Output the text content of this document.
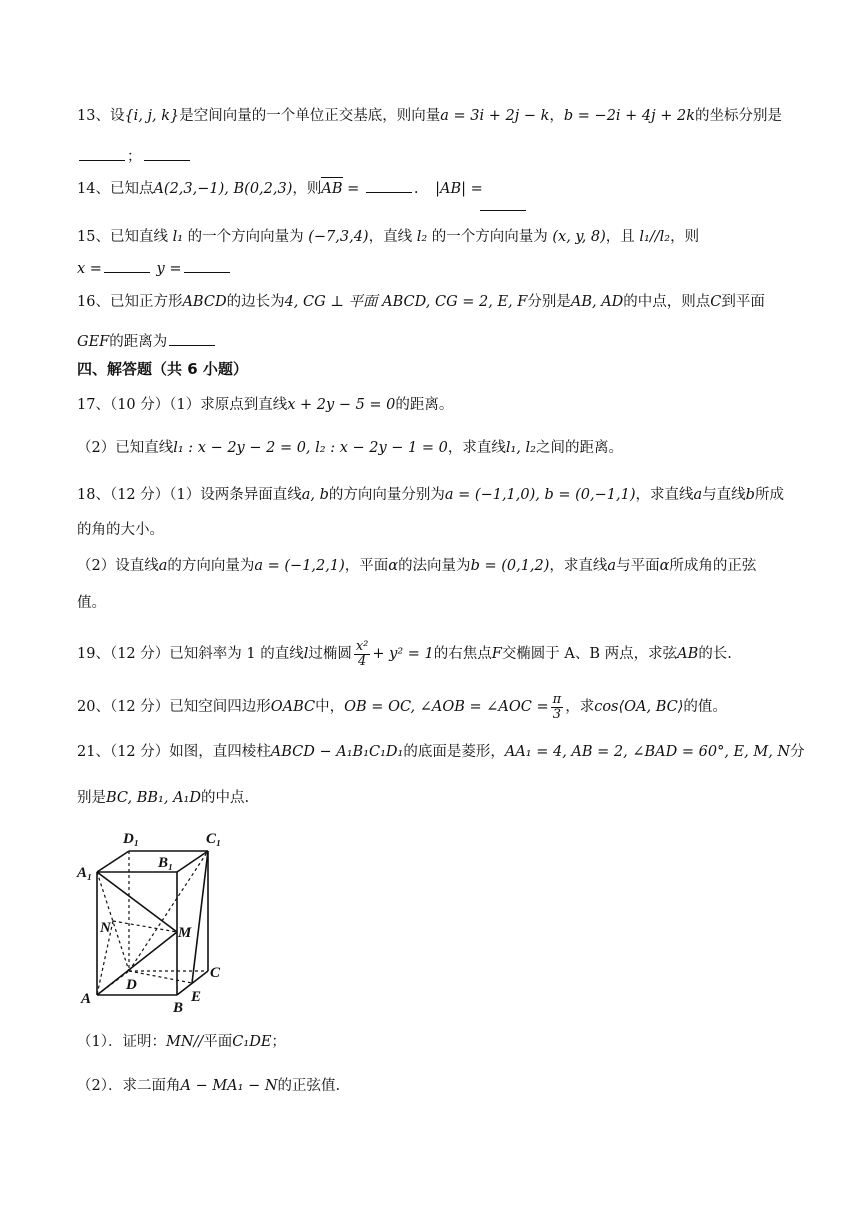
13、设{i, j, k}是空间向量的一个单位正交基底，则向量a = 3i + 2j − k，b = −2i + 4j + 2k的坐标分别是
；
14、已知点A(2,3,−1), B(0,2,3)，则AB =	. |AB| =
15、已知直线 l₁ 的一个方向向量为 (−7,3,4)，直线 l₂ 的一个方向向量为 (x, y, 8)，且 l₁//l₂，则
x =	y =
16、已知正方形ABCD的边长为4, CG ⊥ 平面 ABCD, CG = 2, E, F分别是AB, AD的中点，则点C到平面
GEF的距离为
四、解答题（共 6 小题）
17、（10 分）（1）求原点到直线x + 2y − 5 = 0的距离。
（2）已知直线l₁ : x − 2y − 2 = 0, l₂ : x − 2y − 1 = 0，求直线l₁, l₂之间的距离。
18、（12 分）（1）设两条异面直线a, b的方向向量分别为a = (−1,1,0), b = (0,−1,1)，求直线a与直线b所成
的角的大小。
（2）设直线a的方向向量为a = (−1,2,1)，平面α的法向量为b = (0,1,2)，求直线a与平面α所成角的正弦
值。
19、（12 分）已知斜率为 1 的直线l过椭圆 $\frac{\text{x²}}{4} + y^2 = 1$的右焦点F交椭圆于 A、B 两点，求弦AB的长.
20、（12 分）已知空间四边形OABC中，OB = OC, ∠AOB = ∠AOC = $\frac{\pi}{3}$ ，求cos⟨OA, BC⟩的值。
21、（12 分）如图，直四棱柱ABCD − A₁B₁C₁D₁的底面是菱形，AA₁ = 4, AB = 2, ∠BAD = 60°, E, M, N分
别是BC, BB₁, A₁D的中点.
A₁
D₁
B₁
C₁
N	M
D
C
A
B
E
（1）．证明：MN//平面C₁DE；
（2）．求二面角A − MA₁ − N的正弦值.
